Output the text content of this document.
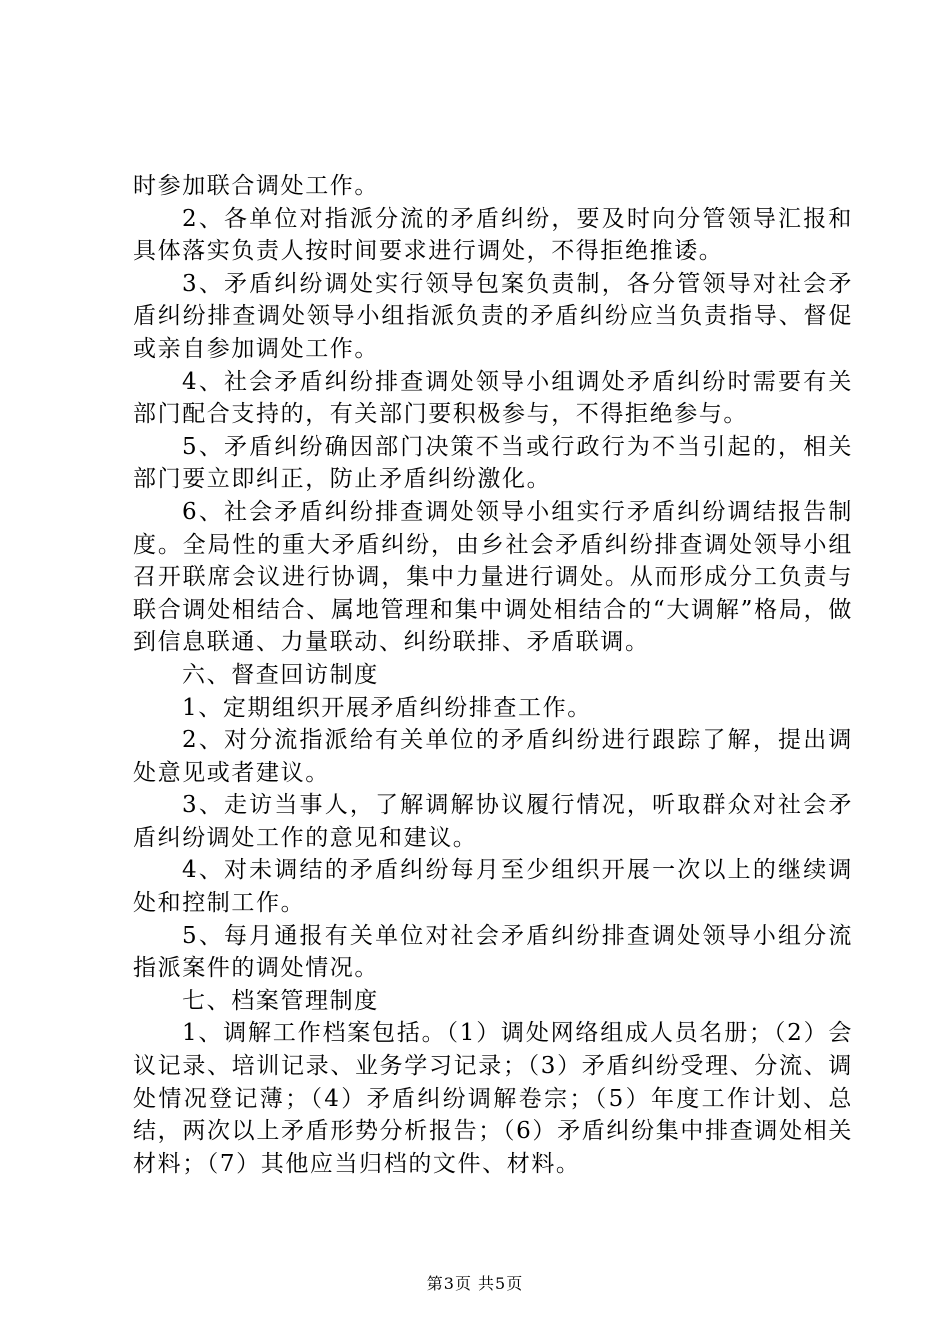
时参加联合调处工作。

2、各单位对指派分流的矛盾纠纷，要及时向分管领导汇报和具体落实负责人按时间要求进行调处，不得拒绝推诿。

3、矛盾纠纷调处实行领导包案负责制，各分管领导对社会矛盾纠纷排查调处领导小组指派负责的矛盾纠纷应当负责指导、督促或亲自参加调处工作。

4、社会矛盾纠纷排查调处领导小组调处矛盾纠纷时需要有关部门配合支持的，有关部门要积极参与，不得拒绝参与。

5、矛盾纠纷确因部门决策不当或行政行为不当引起的，相关部门要立即纠正，防止矛盾纠纷激化。

6、社会矛盾纠纷排查调处领导小组实行矛盾纠纷调结报告制度。全局性的重大矛盾纠纷，由乡社会矛盾纠纷排查调处领导小组召开联席会议进行协调，集中力量进行调处。从而形成分工负责与联合调处相结合、属地管理和集中调处相结合的“大调解”格局，做到信息联通、力量联动、纠纷联排、矛盾联调。

六、督查回访制度

1、定期组织开展矛盾纠纷排查工作。

2、对分流指派给有关单位的矛盾纠纷进行跟踪了解，提出调处意见或者建议。

3、走访当事人，了解调解协议履行情况，听取群众对社会矛盾纠纷调处工作的意见和建议。

4、对未调结的矛盾纠纷每月至少组织开展一次以上的继续调处和控制工作。

5、每月通报有关单位对社会矛盾纠纷排查调处领导小组分流指派案件的调处情况。

七、档案管理制度

1、调解工作档案包括。（1）调处网络组成人员名册；（2）会议记录、培训记录、业务学习记录；（3）矛盾纠纷受理、分流、调处情况登记薄；（4）矛盾纠纷调解卷宗；（5）年度工作计划、总结，两次以上矛盾形势分析报告；（6）矛盾纠纷集中排查调处相关材料；（7）其他应当归档的文件、材料。

第3页 共5页
